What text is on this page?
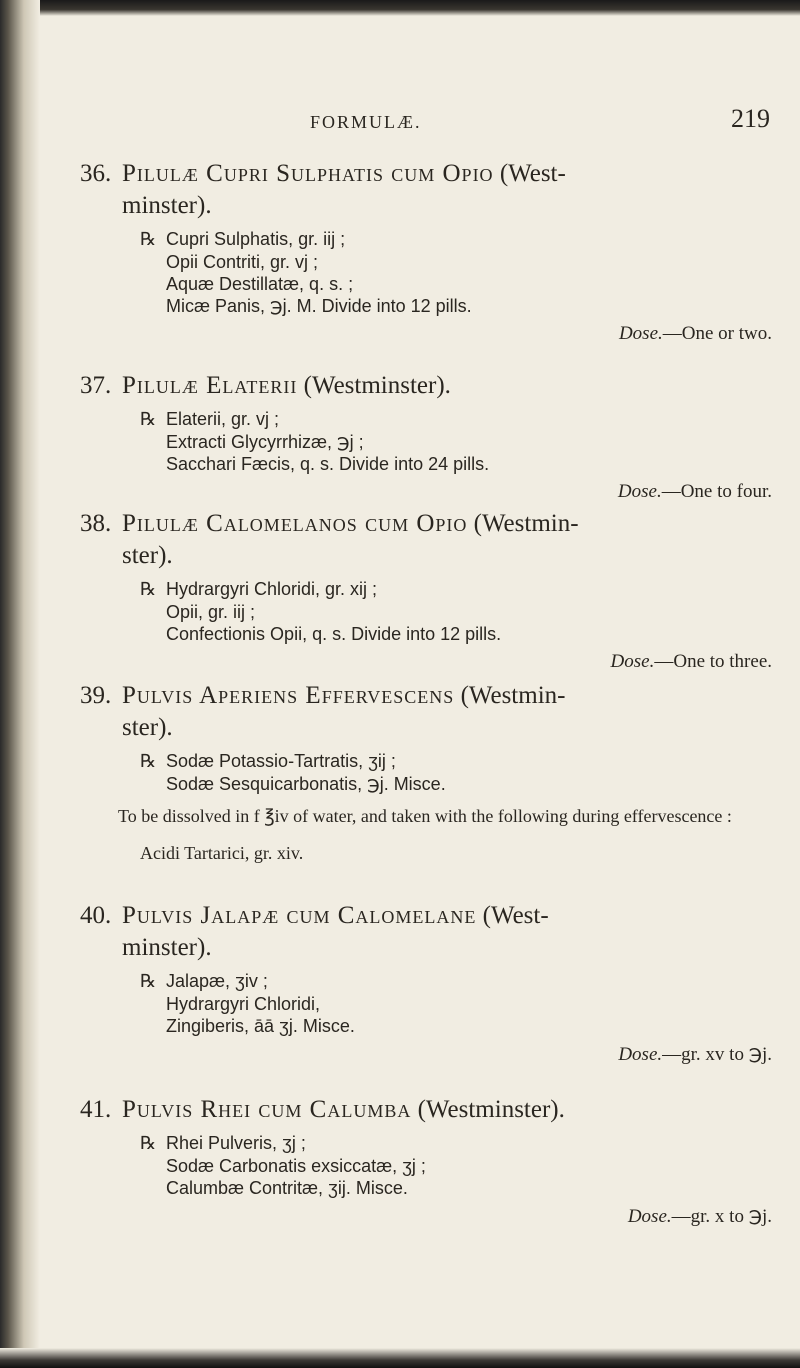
FORMULÆ.	219

36. Pilulæ Cupri Sulphatis cum Opio (West-
minster).

℞ Cupri Sulphatis, gr. iij ;
Opii Contriti, gr. vj ;
Aquæ Destillatæ, q. s. ;
Micæ Panis, ℈j. M. Divide into 12 pills.
Dose.—One or two.

37. Pilulæ Elaterii (Westminster).

℞ Elaterii, gr. vj ;
Extracti Glycyrrhizæ, ℈j ;
Sacchari Fæcis, q. s. Divide into 24 pills.
Dose.—One to four.

38. Pilulæ Calomelanos cum Opio (Westmin-
ster).

℞ Hydrargyri Chloridi, gr. xij ;
Opii, gr. iij ;
Confectionis Opii, q. s. Divide into 12 pills.
Dose.—One to three.

39. Pulvis Aperiens Effervescens (Westmin-
ster).

℞ Sodæ Potassio-Tartratis, ʒij ;
Sodæ Sesquicarbonatis, ℈j. Misce.

To be dissolved in f ℥iv of water, and taken with the following during effervescence :

Acidi Tartarici, gr. xiv.

40. Pulvis Jalapæ cum Calomelane (West-
minster).

℞ Jalapæ, ʒiv ;
Hydrargyri Chloridi,
Zingiberis, āā ʒj. Misce.
Dose.—gr. xv to ℈j.

41. Pulvis Rhei cum Calumba (Westminster).

℞ Rhei Pulveris, ʒj ;
Sodæ Carbonatis exsiccatæ, ʒj ;
Calumbæ Contritæ, ʒij. Misce.
Dose.—gr. x to ℈j.
